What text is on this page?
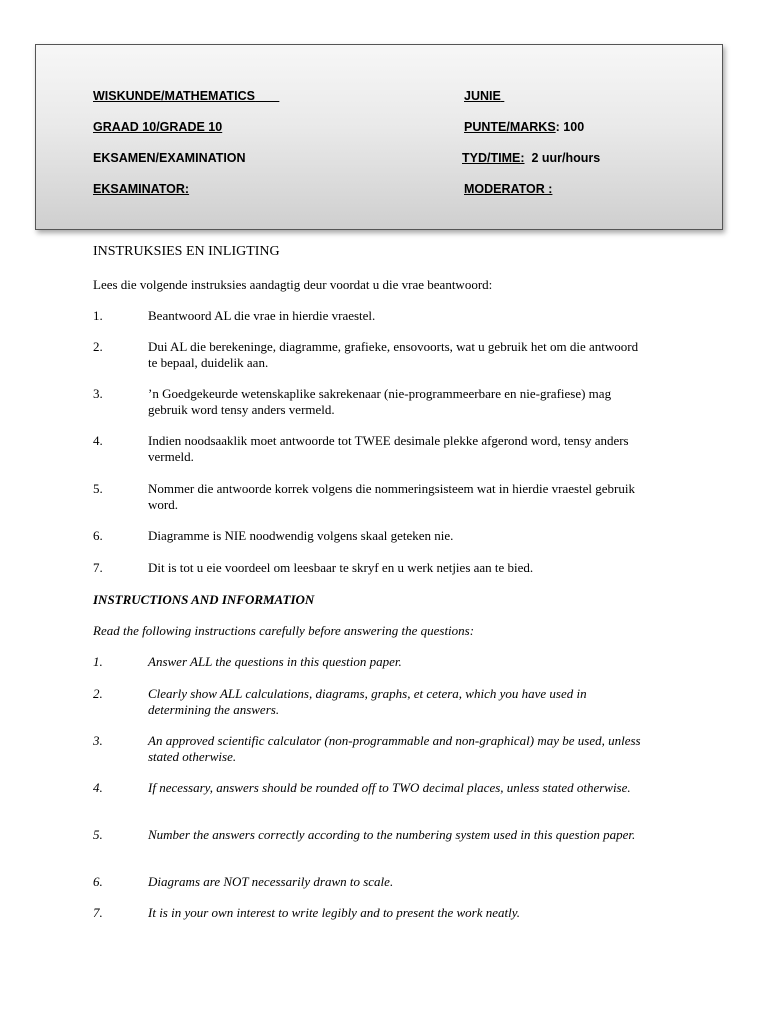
WISKUNDE/MATHEMATICS	JUNIE
GRAAD 10/GRADE 10	PUNTE/MARKS: 100
EKSAMEN/EXAMINATION	TYD/TIME:  2 uur/hours
EKSAMINATOR:	MODERATOR :
INSTRUKSIES EN INLIGTING
Lees die volgende instruksies aandagtig deur voordat u die vrae beantwoord:
1.	Beantwoord AL die vrae in hierdie vraestel.
2.	Dui AL die berekeninge, diagramme, grafieke, ensovoorts, wat u gebruik het om die antwoord te bepaal, duidelik aan.
3.	’n Goedgekeurde wetenskaplike sakrekenaar (nie-programmeerbare en nie-grafiese) mag gebruik word tensy anders vermeld.
4.	Indien noodsaaklik moet antwoorde tot TWEE desimale plekke afgerond word, tensy anders vermeld.
5.	Nommer die antwoorde korrek volgens die nommeringsisteem wat in hierdie vraestel gebruik word.
6.	Diagramme is NIE noodwendig volgens skaal geteken nie.
7.	Dit is tot u eie voordeel om leesbaar te skryf en u werk netjies aan te bied.
INSTRUCTIONS AND INFORMATION
Read the following instructions carefully before answering the questions:
1.	Answer ALL the questions in this question paper.
2.	Clearly show ALL calculations, diagrams, graphs, et cetera, which you have used in determining the answers.
3.	An approved scientific calculator (non-programmable and non-graphical) may be used, unless stated otherwise.
4.	If necessary, answers should be rounded off to TWO decimal places, unless stated otherwise.
5.	Number the answers correctly according to the numbering system used in this question paper.
6.	Diagrams are NOT necessarily drawn to scale.
7.	It is in your own interest to write legibly and to present the work neatly.
